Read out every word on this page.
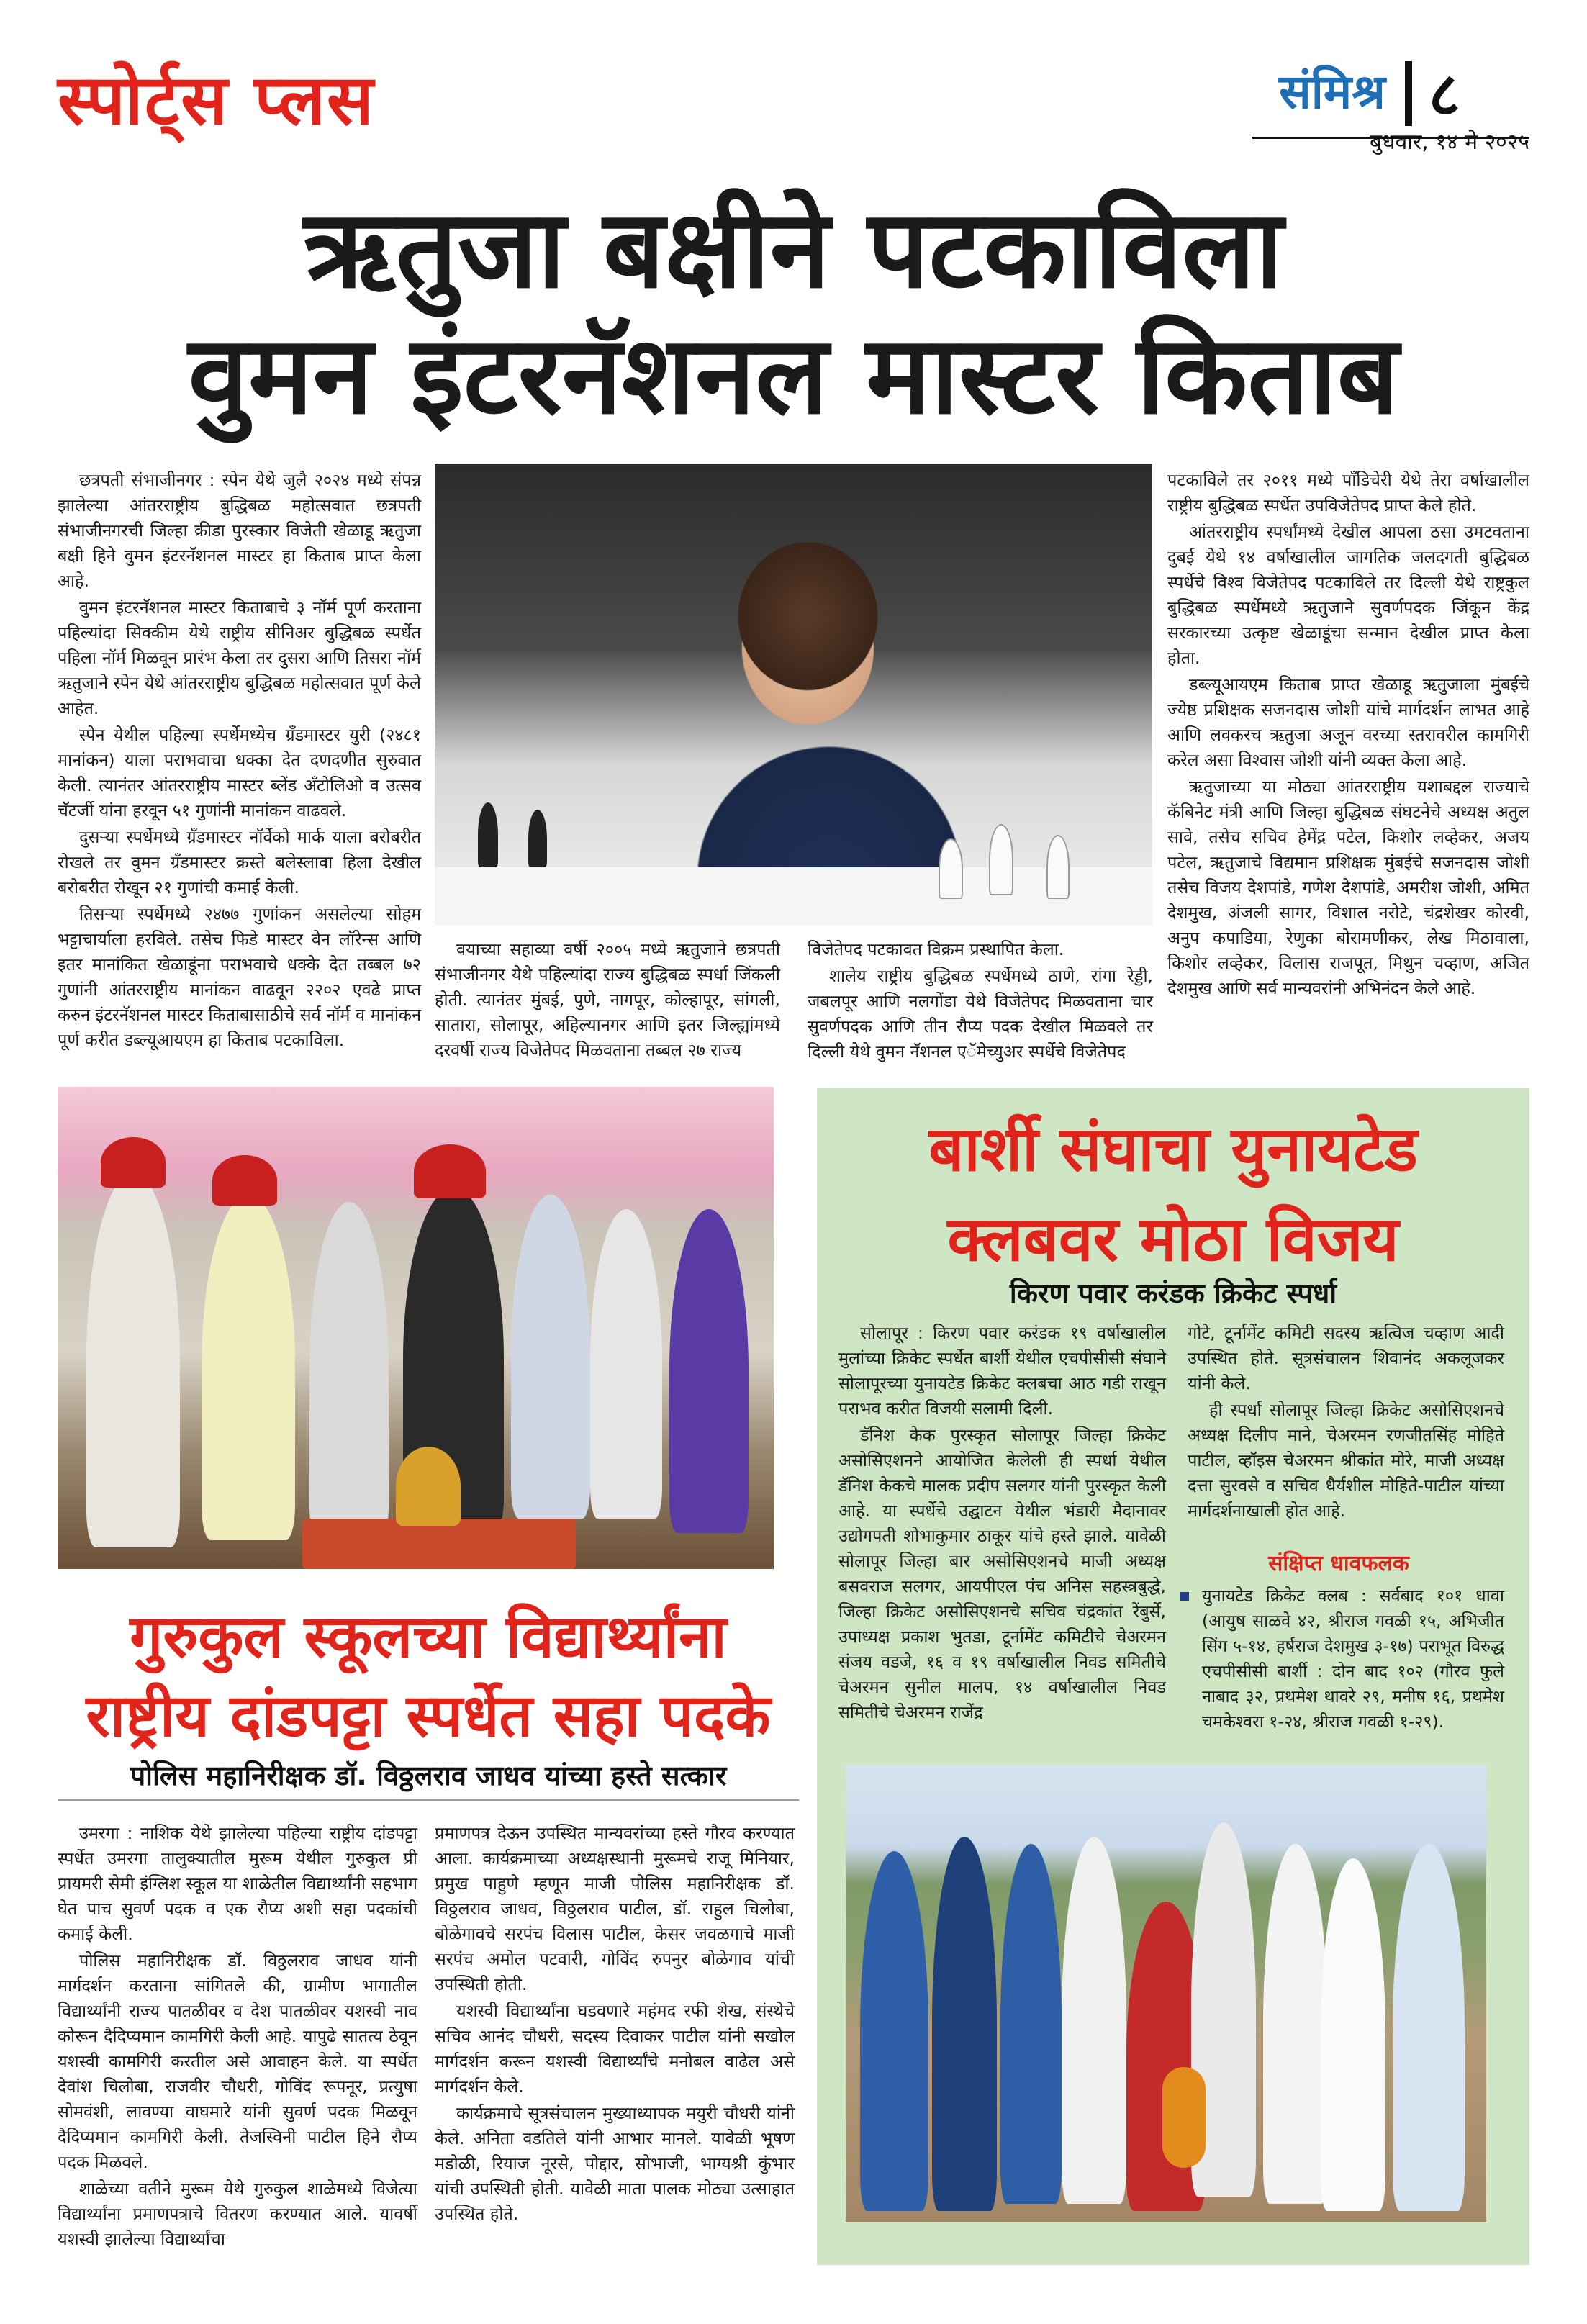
स्पोर्ट्स प्लस	संमिश्र ८
बुधवार, १४ मे २०२५
ऋतुजा बक्षीने पटकाविला
वुमन इंटरनॅशनल मास्टर किताब

छत्रपती संभाजीनगर : स्पेन येथे जुलै २०२४ मध्ये संपन्न झालेल्या आंतरराष्ट्रीय बुद्धिबळ महोत्सवात छत्रपती संभाजीनगरची जिल्हा क्रीडा पुरस्कार विजेती खेळाडू ऋतुजा बक्षी हिने वुमन इंटरनॅशनल मास्टर हा किताब प्राप्त केला आहे.

वुमन इंटरनॅशनल मास्टर किताबाचे ३ नॉर्म पूर्ण करताना पहिल्यांदा सिक्कीम येथे राष्ट्रीय सीनिअर बुद्धिबळ स्पर्धेत पहिला नॉर्म मिळवून प्रारंभ केला तर दुसरा आणि तिसरा नॉर्म ऋतुजाने स्पेन येथे आंतरराष्ट्रीय बुद्धिबळ महोत्सवात पूर्ण केले आहेत.

स्पेन येथील पहिल्या स्पर्धेमध्येच ग्रँडमास्टर युरी (२४८१ मानांकन) याला पराभवाचा धक्का देत दणदणीत सुरुवात केली. त्यानंतर आंतरराष्ट्रीय मास्टर ब्लेंड अँटोलिओ व उत्सव चॅटर्जी यांना हरवून ५१ गुणांनी मानांकन वाढवले.

दुसऱ्या स्पर्धेमध्ये ग्रँडमास्टर नॉर्वेको मार्क याला बरोबरीत रोखले तर वुमन ग्रँडमास्टर क्रस्ते बलेस्लावा हिला देखील बरोबरीत रोखून २१ गुणांची कमाई केली.

तिसऱ्या स्पर्धेमध्ये २४७७ गुणांकन असलेल्या सोहम भट्टाचार्याला हरविले. तसेच फिडे मास्टर वेन लॉरेन्स आणि इतर मानांकित खेळाडूंना पराभवाचे धक्के देत तब्बल ७२ गुणांनी आंतरराष्ट्रीय मानांकन वाढवून २२०२ एवढे प्राप्त करुन इंटरनॅशनल मास्टर किताबासाठीचे सर्व नॉर्म व मानांकन पूर्ण करीत डब्ल्यूआयएम हा किताब पटकाविला.

वयाच्या सहाव्या वर्षी २००५ मध्ये ऋतुजाने छत्रपती संभाजीनगर येथे पहिल्यांदा राज्य बुद्धिबळ स्पर्धा जिंकली होती. त्यानंतर मुंबई, पुणे, नागपूर, कोल्हापूर, सांगली, सातारा, सोलापूर, अहिल्यानगर आणि इतर जिल्ह्यांमध्ये दरवर्षी राज्य विजेतेपद मिळवताना तब्बल २७ राज्य

विजेतेपद पटकावत विक्रम प्रस्थापित केला.

शालेय राष्ट्रीय बुद्धिबळ स्पर्धेमध्ये ठाणे, रांगा रेड्डी, जबलपूर आणि नलगोंडा येथे विजेतेपद मिळवताना चार सुवर्णपदक आणि तीन रौप्य पदक देखील मिळवले तर दिल्ली येथे वुमन नॅशनल एॅमेच्युअर स्पर्धेचे विजेतेपद

पटकाविले तर २०११ मध्ये पाँडिचेरी येथे तेरा वर्षाखालील राष्ट्रीय बुद्धिबळ स्पर्धेत उपविजेतेपद प्राप्त केले होते.

आंतरराष्ट्रीय स्पर्धांमध्ये देखील आपला ठसा उमटवताना दुबई येथे १४ वर्षाखालील जागतिक जलदगती बुद्धिबळ स्पर्धेचे विश्व विजेतेपद पटकाविले तर दिल्ली येथे राष्ट्रकुल बुद्धिबळ स्पर्धेमध्ये ऋतुजाने सुवर्णपदक जिंकून केंद्र सरकारच्या उत्कृष्ट खेळाडूंचा सन्मान देखील प्राप्त केला होता.

डब्ल्यूआयएम किताब प्राप्त खेळाडू ऋतुजाला मुंबईचे ज्येष्ठ प्रशिक्षक सजनदास जोशी यांचे मार्गदर्शन लाभत आहे आणि लवकरच ऋतुजा अजून वरच्या स्तरावरील कामगिरी करेल असा विश्वास जोशी यांनी व्यक्त केला आहे.

ऋतुजाच्या या मोठ्या आंतरराष्ट्रीय यशाबद्दल राज्याचे कॅबिनेट मंत्री आणि जिल्हा बुद्धिबळ संघटनेचे अध्यक्ष अतुल सावे, तसेच सचिव हेमेंद्र पटेल, किशोर लव्हेकर, अजय पटेल, ऋतुजाचे विद्यमान प्रशिक्षक मुंबईचे सजनदास जोशी तसेच विजय देशपांडे, गणेश देशपांडे, अमरीश जोशी, अमित देशमुख, अंजली सागर, विशाल नरोटे, चंद्रशेखर कोरवी, अनुप कपाडिया, रेणुका बोरामणीकर, लेख मिठावाला, किशोर लव्हेकर, विलास राजपूत, मिथुन चव्हाण, अजित देशमुख आणि सर्व मान्यवरांनी अभिनंदन केले आहे.

बार्शी संघाचा युनायटेड
क्लबवर मोठा विजय
किरण पवार करंडक क्रिकेट स्पर्धा

सोलापूर : किरण पवार करंडक १९ वर्षाखालील मुलांच्या क्रिकेट स्पर्धेत बार्शी येथील एचपीसीसी संघाने सोलापूरच्या युनायटेड क्रिकेट क्लबचा आठ गडी राखून पराभव करीत विजयी सलामी दिली.

डॅनिश केक पुरस्कृत सोलापूर जिल्हा क्रिकेट असोसिएशनने आयोजित केलेली ही स्पर्धा येथील डॅनिश केकचे मालक प्रदीप सलगर यांनी पुरस्कृत केली आहे. या स्पर्धेचे उद्घाटन येथील भंडारी मैदानावर उद्योगपती शोभाकुमार ठाकूर यांचे हस्ते झाले. यावेळी सोलापूर जिल्हा बार असोसिएशनचे माजी अध्यक्ष बसवराज सलगर, आयपीएल पंच अनिस सहस्त्रबुद्धे, जिल्हा क्रिकेट असोसिएशनचे सचिव चंद्रकांत रेंबुर्से, उपाध्यक्ष प्रकाश भुतडा, टूर्नामेंट कमिटीचे चेअरमन संजय वडजे, १६ व १९ वर्षाखालील निवड समितीचे चेअरमन सुनील मालप, १४ वर्षाखालील निवड समितीचे चेअरमन राजेंद्र

गोटे, टूर्नामेंट कमिटी सदस्य ऋत्विज चव्हाण आदी उपस्थित होते. सूत्रसंचालन शिवानंद अकलूजकर यांनी केले.

ही स्पर्धा सोलापूर जिल्हा क्रिकेट असोसिएशनचे अध्यक्ष दिलीप माने, चेअरमन रणजीतसिंह मोहिते पाटील, व्हॉइस चेअरमन श्रीकांत मोरे, माजी अध्यक्ष दत्ता सुरवसे व सचिव धैर्यशील मोहिते-पाटील यांच्या मार्गदर्शनाखाली होत आहे.

संक्षिप्त धावफलक
युनायटेड क्रिकेट क्लब : सर्वबाद १०१ धावा (आयुष साळवे ४२, श्रीराज गवळी १५, अभिजीत सिंग ५-१४, हर्षराज देशमुख ३-१७) पराभूत विरुद्ध एचपीसीसी बार्शी : दोन बाद १०२ (गौरव फुले नाबाद ३२, प्रथमेश थावरे २९, मनीष १६, प्रथमेश चमकेश्वरा १-२४, श्रीराज गवळी १-२९).
गुरुकुल स्कूलच्या विद्यार्थ्यांना
राष्ट्रीय दांडपट्टा स्पर्धेत सहा पदके
पोलिस महानिरीक्षक डॉ. विठ्ठलराव जाधव यांच्या हस्ते सत्कार

उमरगा : नाशिक येथे झालेल्या पहिल्या राष्ट्रीय दांडपट्टा स्पर्धेत उमरगा तालुक्यातील मुरूम येथील गुरुकुल प्री प्रायमरी सेमी इंग्लिश स्कूल या शाळेतील विद्यार्थ्यांनी सहभाग घेत पाच सुवर्ण पदक व एक रौप्य अशी सहा पदकांची कमाई केली.

पोलिस महानिरीक्षक डॉ. विठ्ठलराव जाधव यांनी मार्गदर्शन करताना सांगितले की, ग्रामीण भागातील विद्यार्थ्यांनी राज्य पातळीवर व देश पातळीवर यशस्वी नाव कोरून दैदिप्यमान कामगिरी केली आहे. यापुढे सातत्य ठेवून यशस्वी कामगिरी करतील असे आवाहन केले. या स्पर्धेत देवांश चिलोबा, राजवीर चौधरी, गोविंद रूपनूर, प्रत्युषा सोमवंशी, लावण्या वाघमारे यांनी सुवर्ण पदक मिळवून दैदिप्यमान कामगिरी केली. तेजस्विनी पाटील हिने रौप्य पदक मिळवले.

शाळेच्या वतीने मुरूम येथे गुरुकुल शाळेमध्ये विजेत्या विद्यार्थ्यांना प्रमाणपत्राचे वितरण करण्यात आले. यावर्षी यशस्वी झालेल्या विद्यार्थ्यांचा

प्रमाणपत्र देऊन उपस्थित मान्यवरांच्या हस्ते गौरव करण्यात आला. कार्यक्रमाच्या अध्यक्षस्थानी मुरूमचे राजू मिनियार, प्रमुख पाहुणे म्हणून माजी पोलिस महानिरीक्षक डॉ. विठ्ठलराव जाधव, विठ्ठलराव पाटील, डॉ. राहुल चिलोबा, बोळेगावचे सरपंच विलास पाटील, केसर जवळगाचे माजी सरपंच अमोल पटवारी, गोविंद रुपनुर बोळेगाव यांची उपस्थिती होती.

यशस्वी विद्यार्थ्यांना घडवणारे महंमद रफी शेख, संस्थेचे सचिव आनंद चौधरी, सदस्य दिवाकर पाटील यांनी सखोल मार्गदर्शन करून यशस्वी विद्यार्थ्यांचे मनोबल वाढेल असे मार्गदर्शन केले.

कार्यक्रमाचे सूत्रसंचालन मुख्याध्यापक मयुरी चौधरी यांनी केले. अनिता वडतिले यांनी आभार मानले. यावेळी भूषण मडोळी, रियाज नूरसे, पोद्दार, सोभाजी, भाग्यश्री कुंभार यांची उपस्थिती होती. यावेळी माता पालक मोठ्या उत्साहात उपस्थित होते.
